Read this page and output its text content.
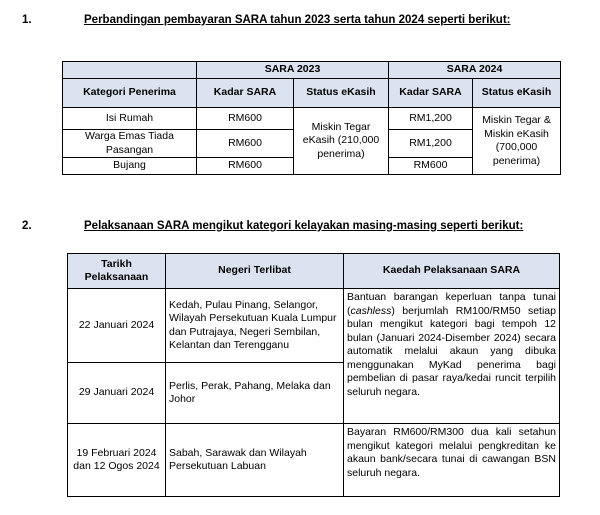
1.	Perbandingan pembayaran SARA tahun 2023 serta tahun 2024 seperti berikut:
	SARA 2023		SARA 2024	
Kategori Penerima	Kadar SARA	Status eKasih	Kadar SARA	Status eKasih
Isi Rumah	RM600	Miskin Tegar eKasih (210,000 penerima)	RM1,200	Miskin Tegar & Miskin eKasih (700,000 penerima)
Warga Emas Tiada Pasangan	RM600		RM1,200	
Bujang	RM600		RM600	
2.	Pelaksanaan SARA mengikut kategori kelayakan masing-masing seperti berikut:
Tarikh Pelaksanaan	Negeri Terlibat	Kaedah Pelaksanaan SARA
22 Januari 2024	Kedah, Pulau Pinang, Selangor, Wilayah Persekutuan Kuala Lumpur dan Putrajaya, Negeri Sembilan, Kelantan dan Terengganu	Bantuan barangan keperluan tanpa tunai (cashless) berjumlah RM100/RM50 setiap bulan mengikut kategori bagi tempoh 12 bulan (Januari 2024-Disember 2024) secara automatik melalui akaun yang dibuka menggunakan MyKad penerima bagi pembelian di pasar raya/kedai runcit terpilih seluruh negara.
29 Januari 2024	Perlis, Perak, Pahang, Melaka dan Johor	
19 Februari 2024 dan 12 Ogos 2024	Sabah, Sarawak dan Wilayah Persekutuan Labuan	Bayaran RM600/RM300 dua kali setahun mengikut kategori melalui pengkreditan ke akaun bank/secara tunai di cawangan BSN seluruh negara.
